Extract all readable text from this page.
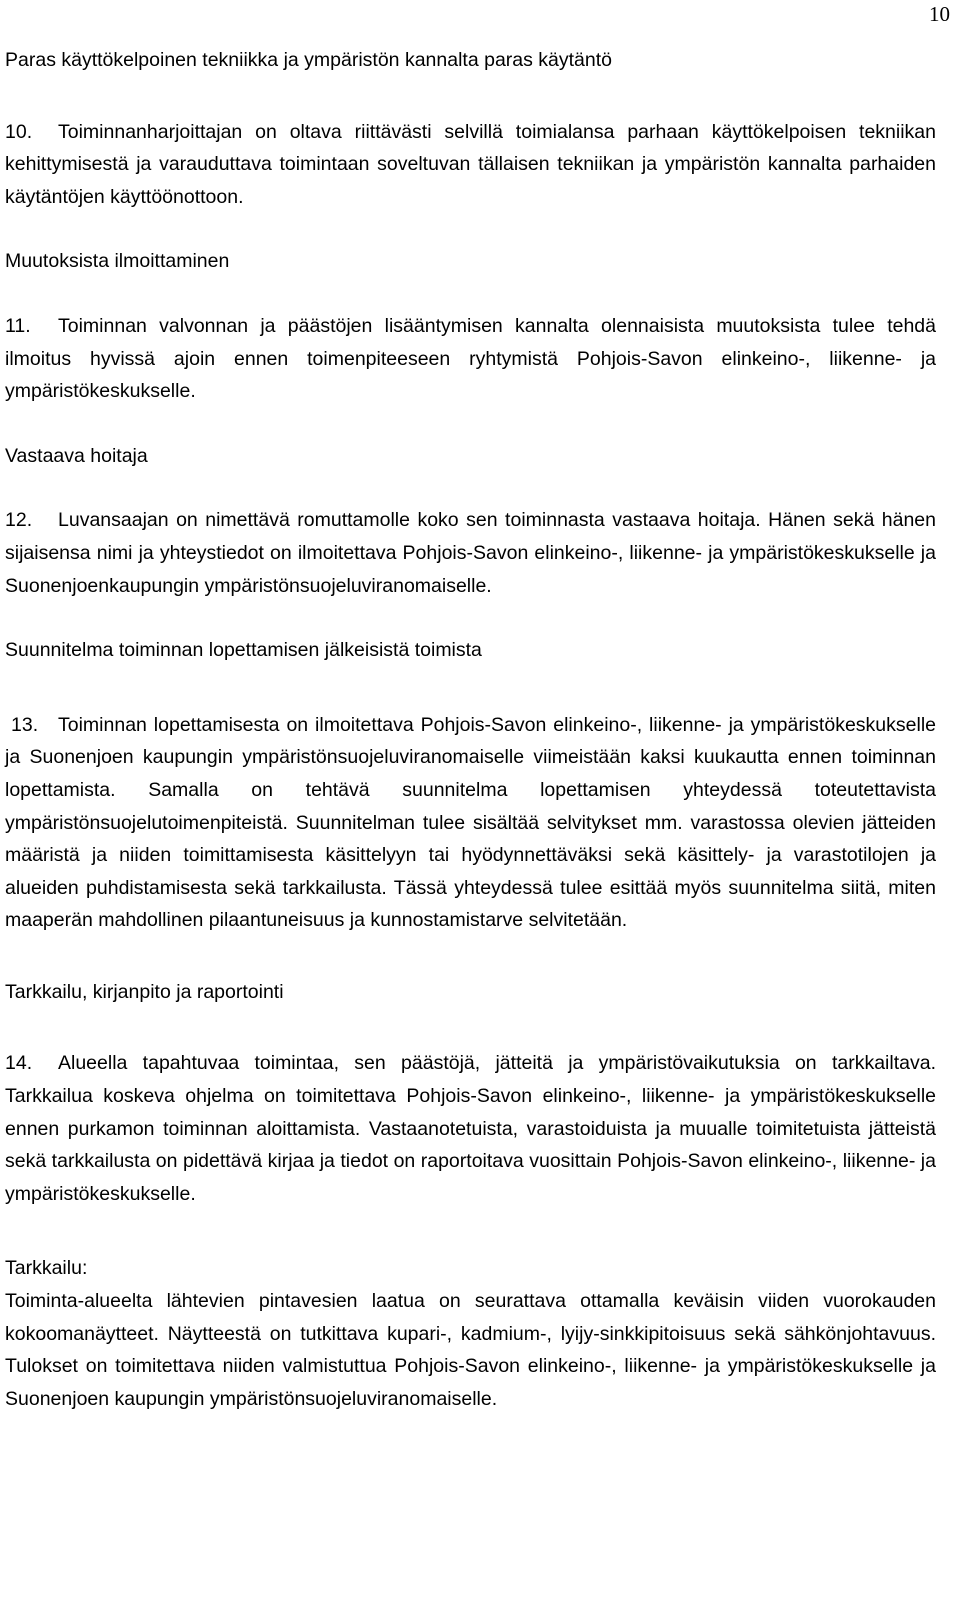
10

Paras käyttökelpoinen tekniikka ja ympäristön kannalta paras käytäntö

10. Toiminnanharjoittajan on oltava riittävästi selvillä toimialansa parhaan käyttökelpoisen tekniikan kehittymisestä ja varauduttava toimintaan soveltuvan tällaisen tekniikan ja ympäristön kannalta parhaiden käytäntöjen käyttöönottoon.

Muutoksista ilmoittaminen

11. Toiminnan valvonnan ja päästöjen lisääntymisen kannalta olennaisista muutoksista tulee tehdä ilmoitus hyvissä ajoin ennen toimenpiteeseen ryhtymistä Pohjois-Savon elinkeino-, liikenne- ja ympäristökeskukselle.

Vastaava hoitaja

12. Luvansaajan on nimettävä romuttamolle koko sen toiminnasta vastaava hoitaja. Hänen sekä hänen sijaisensa nimi ja yhteystiedot on ilmoitettava Pohjois-Savon elinkeino-, liikenne- ja ympäristökeskukselle ja Suonenjoenkaupungin ympäristönsuojeluviranomaiselle.

Suunnitelma toiminnan lopettamisen jälkeisistä toimista

13. Toiminnan lopettamisesta on ilmoitettava Pohjois-Savon elinkeino-, liikenne- ja ympäristökeskukselle ja Suonenjoen kaupungin ympäristönsuojeluviranomaiselle viimeistään kaksi kuukautta ennen toiminnan lopettamista. Samalla on tehtävä suunnitelma lopettamisen yhteydessä toteutettavista ympäristönsuojelutoimenpiteistä. Suunnitelman tulee sisältää selvitykset mm. varastossa olevien jätteiden määristä ja niiden toimittamisesta käsittelyyn tai hyödynnettäväksi sekä käsittely- ja varastotilojen ja alueiden puhdistamisesta sekä tarkkailusta. Tässä yhteydessä tulee esittää myös suunnitelma siitä, miten maaperän mahdollinen pilaantuneisuus ja kunnostamistarve selvitetään.

Tarkkailu, kirjanpito ja raportointi

14. Alueella tapahtuvaa toimintaa, sen päästöjä, jätteitä ja ympäristövaikutuksia on tarkkailtava. Tarkkailua koskeva ohjelma on toimitettava Pohjois-Savon elinkeino-, liikenne- ja ympäristökeskukselle ennen purkamon toiminnan aloittamista. Vastaanotetuista, varastoiduista ja muualle toimitetuista jätteistä sekä tarkkailusta on pidettävä kirjaa ja tiedot on raportoitava vuosittain Pohjois-Savon elinkeino-, liikenne- ja ympäristökeskukselle.

Tarkkailu:

Toiminta-alueelta lähtevien pintavesien laatua on seurattava ottamalla keväisin viiden vuorokauden kokoomanäytteet. Näytteestä on tutkittava kupari-, kadmium-, lyijy-sinkkipitoisuus sekä sähkönjohtavuus. Tulokset on toimitettava niiden valmistuttua Pohjois-Savon elinkeino-, liikenne- ja ympäristökeskukselle ja Suonenjoen kaupungin ympäristönsuojeluviranomaiselle.
